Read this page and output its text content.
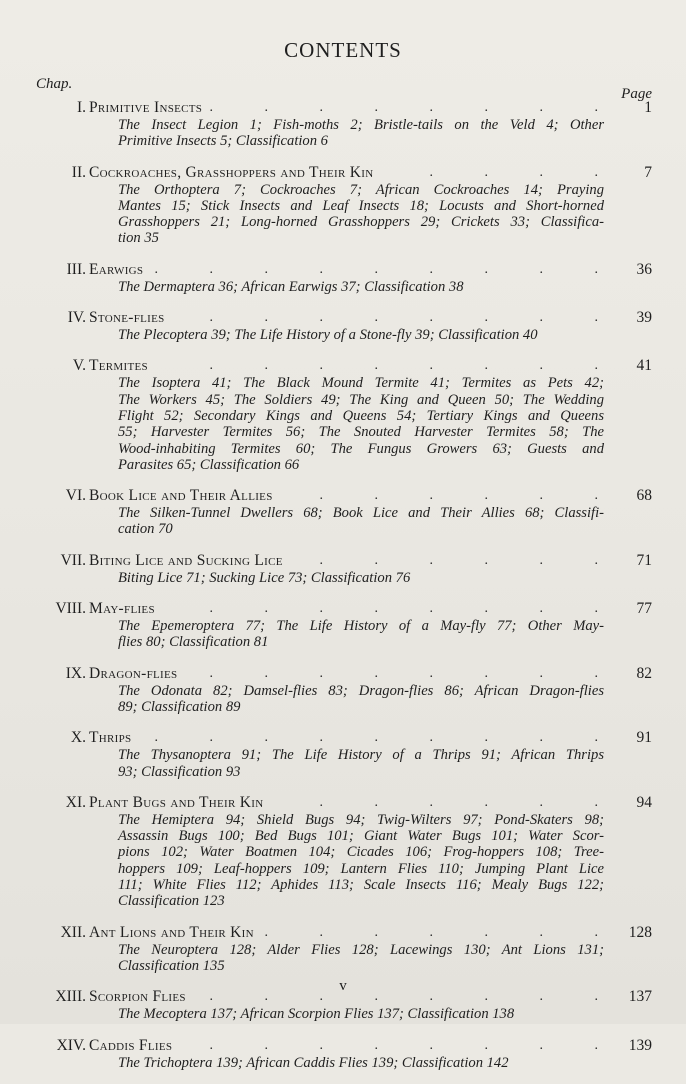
CONTENTS
Chap.
Page
I. Primitive Insects . . . . . . . . 1
The Insect Legion 1; Fish-moths 2; Bristle-tails on the Veld 4; Other
Primitive Insects 5; Classification 6
II. Cockroaches, Grasshoppers and Their Kin	. . . . 7
The Orthoptera 7; Cockroaches 7; African Cockroaches 14; Praying
Mantes 15; Stick Insects and Leaf Insects 18; Locusts and Short-horned
Grasshoppers 21; Long-horned Grasshoppers 29; Crickets 33; Classifica-
tion 35
III. Earwigs . . . . . . . . . 36
The Dermaptera 36; African Earwigs 37; Classification 38
IV. Stone-flies	. . . . . . . . 39
The Plecoptera 39; The Life History of a Stone-fly 39; Classification 40
V. Termites	. . . . . . . . 41
The Isoptera 41; The Black Mound Termite 41; Termites as Pets 42;
The Workers 45; The Soldiers 49; The King and Queen 50; The Wedding
Flight 52; Secondary Kings and Queens 54; Tertiary Kings and Queens
55; Harvester Termites 56; The Snouted Harvester Termites 58; The
Wood-inhabiting Termites 60; The Fungus Growers 63; Guests and
Parasites 65; Classification 66
VI. Book Lice and Their Allies	. . . . . . 68
The Silken-Tunnel Dwellers 68; Book Lice and Their Allies 68; Classifi-
cation 70
VII. Biting Lice and Sucking Lice	. . . . . . 71
Biting Lice 71; Sucking Lice 73; Classification 76
VIII. May-flies	. . . . . . . . 77
The Epemeroptera 77; The Life History of a May-fly 77; Other May-
flies 80; Classification 81
IX. Dragon-flies . . . . . . . . 82
The Odonata 82; Damsel-flies 83; Dragon-flies 86; African Dragon-flies
89; Classification 89
X. Thrips . . . . . . . . . 91
The Thysanoptera 91; The Life History of a Thrips 91; African Thrips
93; Classification 93
XI. Plant Bugs and Their Kin	. . . . . . 94
The Hemiptera 94; Shield Bugs 94; Twig-Wilters 97; Pond-Skaters 98;
Assassin Bugs 100; Bed Bugs 101; Giant Water Bugs 101; Water Scor-
pions 102; Water Boatmen 104; Cicades 106; Frog-hoppers 108; Tree-
hoppers 109; Leaf-hoppers 109; Lantern Flies 110; Jumping Plant Lice
111; White Flies 112; Aphides 113; Scale Insects 116; Mealy Bugs 122;
Classification 123
XII. Ant Lions and Their Kin . . . . . . . 128
The Neuroptera 128; Alder Flies 128; Lacewings 130; Ant Lions 131;
Classification 135
XIII. Scorpion Flies . . . . . . . . 137
The Mecoptera 137; African Scorpion Flies 137; Classification 138
XIV. Caddis Flies	. . . . . . . . 139
The Trichoptera 139; African Caddis Flies 139; Classification 142
v
